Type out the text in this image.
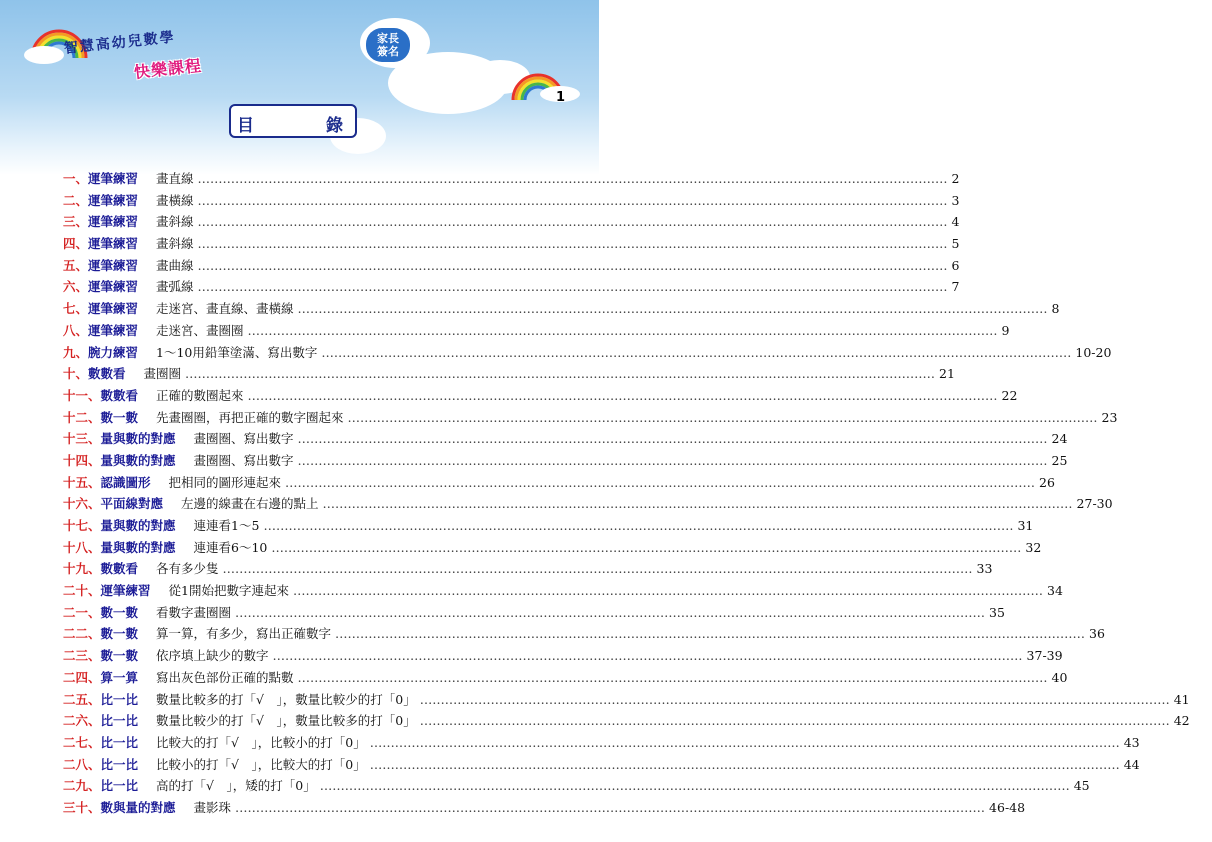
智慧高幼兒數學
快樂課程
家長
簽名
1
目	錄
一、 運筆練習 畫直線 ……………………………………………………………………………………………………………………………………………………………… 2
二、 運筆練習 畫橫線 ……………………………………………………………………………………………………………………………………………………………… 3
三、 運筆練習 畫斜線 ……………………………………………………………………………………………………………………………………………………………… 4
四、 運筆練習 畫斜線 ……………………………………………………………………………………………………………………………………………………………… 5
五、 運筆練習 畫曲線 ……………………………………………………………………………………………………………………………………………………………… 6
六、 運筆練習 畫弧線 ……………………………………………………………………………………………………………………………………………………………… 7
七、 運筆練習 走迷宮、畫直線、畫橫線 ……………………………………………………………………………………………………………………………………………………………… 8
八、 運筆練習 走迷宮、畫圈圈 ……………………………………………………………………………………………………………………………………………………………… 9
九、 腕力練習 1～10用鉛筆塗滿、寫出數字 ……………………………………………………………………………………………………………………………………………………………… 10-20
十、 數數看 畫圈圈 ……………………………………………………………………………………………………………………………………………………………… 21
十一、 數數看 正確的數圈起來 ……………………………………………………………………………………………………………………………………………………………… 22
十二、 數一數 先畫圈圈，再把正確的數字圈起來 ……………………………………………………………………………………………………………………………………………………………… 23
十三、 量與數的對應 畫圈圈、寫出數字 ……………………………………………………………………………………………………………………………………………………………… 24
十四、 量與數的對應 畫圈圈、寫出數字 ……………………………………………………………………………………………………………………………………………………………… 25
十五、 認識圖形 把相同的圖形連起來 ……………………………………………………………………………………………………………………………………………………………… 26
十六、 平面線對應 左邊的線畫在右邊的點上 ……………………………………………………………………………………………………………………………………………………………… 27-30
十七、 量與數的對應 連連看1～5 ……………………………………………………………………………………………………………………………………………………………… 31
十八、 量與數的對應 連連看6～10 ……………………………………………………………………………………………………………………………………………………………… 32
十九、 數數看 各有多少隻 ……………………………………………………………………………………………………………………………………………………………… 33
二十、 運筆練習 從1開始把數字連起來 ……………………………………………………………………………………………………………………………………………………………… 34
二一、 數一數 看數字畫圈圈 ……………………………………………………………………………………………………………………………………………………………… 35
二二、 數一數 算一算，有多少，寫出正確數字 ……………………………………………………………………………………………………………………………………………………………… 36
二三、 數一數 依序填上缺少的數字 ……………………………………………………………………………………………………………………………………………………………… 37-39
二四、 算一算 寫出灰色部份正確的點數 ……………………………………………………………………………………………………………………………………………………………… 40
二五、 比一比 數量比較多的打「√　」，數量比較少的打「0」 ……………………………………………………………………………………………………………………………………………………………… 41
二六、 比一比 數量比較少的打「√　」，數量比較多的打「0」 ……………………………………………………………………………………………………………………………………………………………… 42
二七、 比一比 比較大的打「√　」，比較小的打「0」 ……………………………………………………………………………………………………………………………………………………………… 43
二八、 比一比 比較小的打「√　」，比較大的打「0」 ……………………………………………………………………………………………………………………………………………………………… 44
二九、 比一比 高的打「√　」，矮的打「0」 ……………………………………………………………………………………………………………………………………………………………… 45
三十、 數與量的對應 畫影珠 ……………………………………………………………………………………………………………………………………………………………… 46-48
